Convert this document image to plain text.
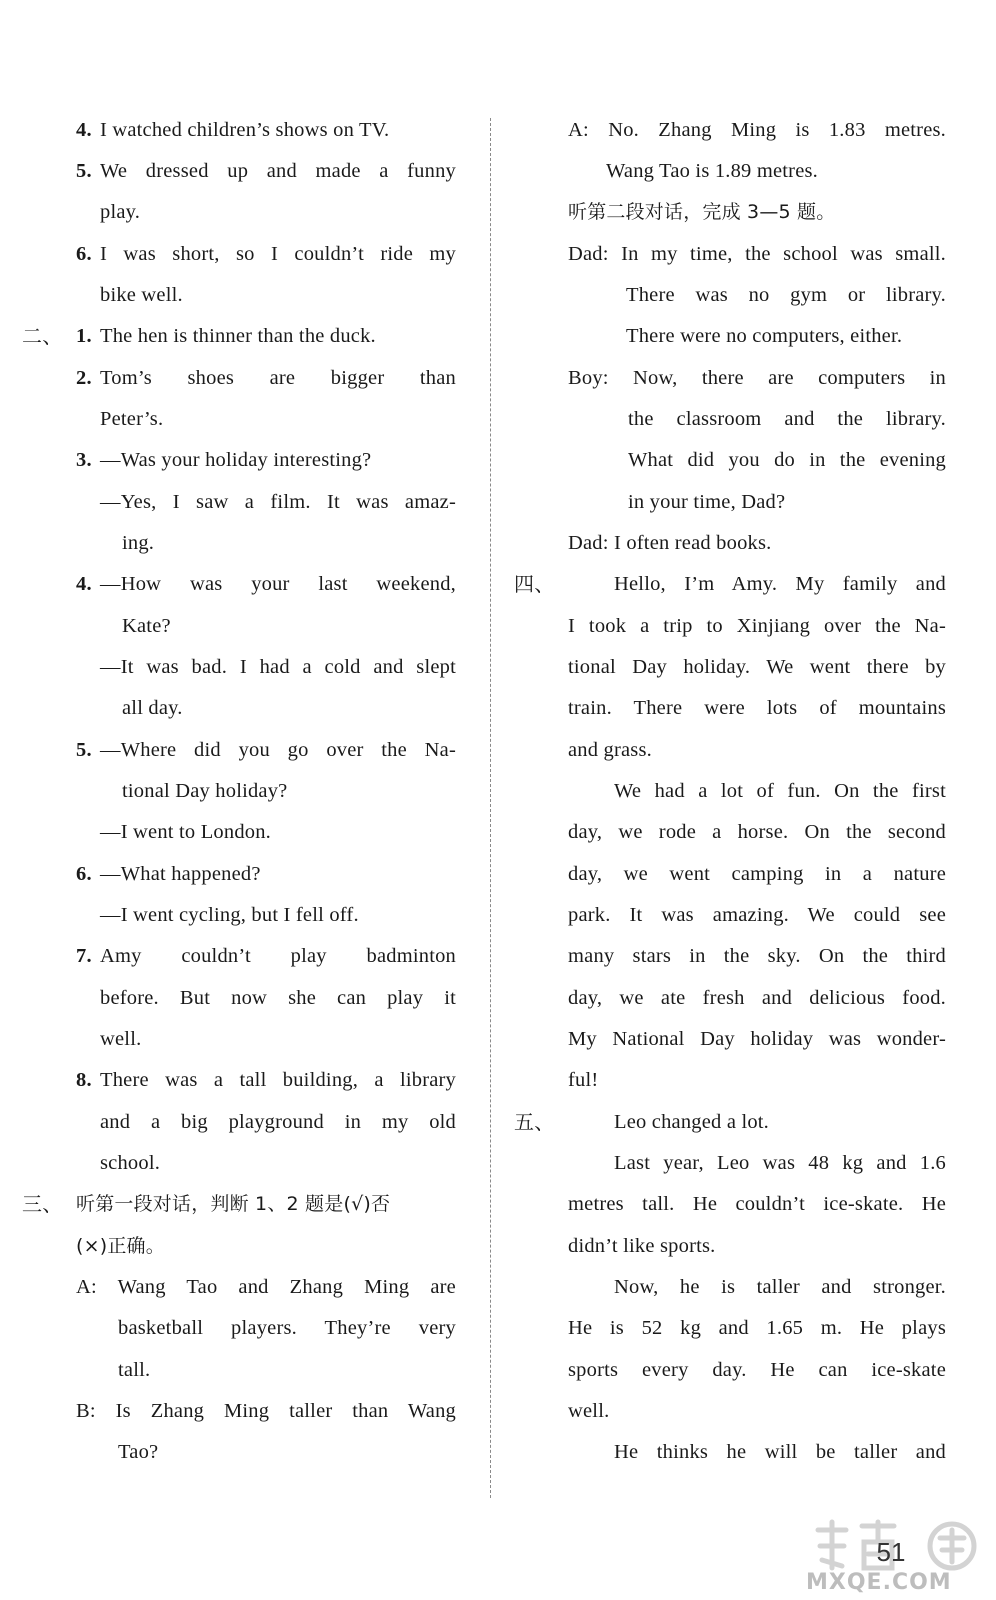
4. I watched children’s shows on TV.
5. We dressed up and made a funny
play.
6. I was short, so I couldn’t ride my
bike well.
二、 1. The hen is thinner than the duck.
2. Tom’s shoes are bigger than
Peter’s.
3. —Was your holiday interesting?
—Yes, I saw a film. It was amaz-
ing.
4. —How was your last weekend,
Kate?
—It was bad. I had a cold and slept
all day.
5. —Where did you go over the Na-
tional Day holiday?
—I went to London.
6. —What happened?
—I went cycling, but I fell off.
7. Amy couldn’t play badminton
before. But now she can play it
well.
8. There was a tall building, a library
and a big playground in my old
school.
三、 听第一段对话，判断 1、2 题是(√)否
(×)正确。
A: Wang Tao and Zhang Ming are
basketball players. They’re very
tall.
B: Is Zhang Ming taller than Wang
Tao?
A: No. Zhang Ming is 1.83 metres.
Wang Tao is 1.89 metres.
听第二段对话，完成 3—5 题。
Dad: In my time, the school was small.
There was no gym or library.
There were no computers, either.
Boy: Now, there are computers in
the classroom and the library.
What did you do in the evening
in your time, Dad?
Dad: I often read books.
四、	Hello, I’m Amy. My family and
I took a trip to Xinjiang over the Na-
tional Day holiday. We went there by
train. There were lots of mountains
and grass.
We had a lot of fun. On the first
day, we rode a horse. On the second
day, we went camping in a nature
park. It was amazing. We could see
many stars in the sky. On the third
day, we ate fresh and delicious food.
My National Day holiday was wonder-
ful!
五、	Leo changed a lot.
Last year, Leo was 48 kg and 1.6
metres tall. He couldn’t ice-skate. He
didn’t like sports.
Now, he is taller and stronger.
He is 52 kg and 1.65 m. He plays
sports every day. He can ice-skate
well.
He thinks he will be taller and
51
MXQE.COM
